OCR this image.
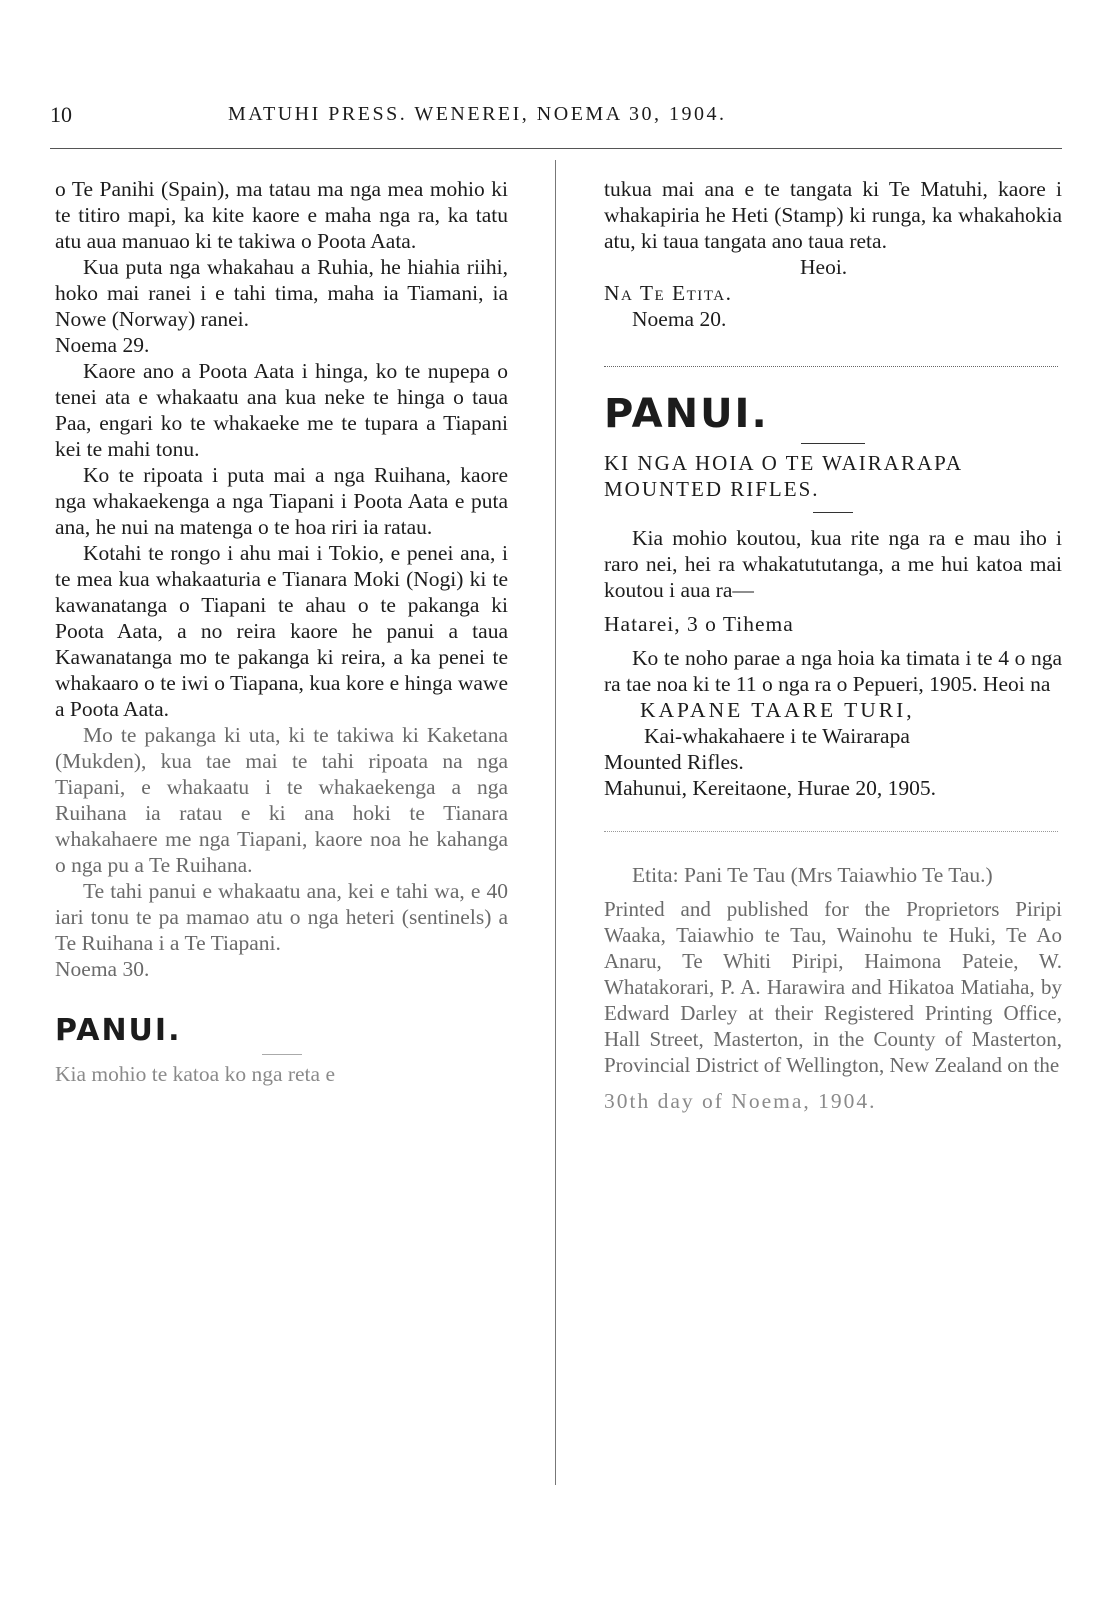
10	MATUHI PRESS. WENEREI, NOEMA 30, 1904.

o Te Panihi (Spain), ma tatau ma nga mea mohio ki te titiro mapi, ka kite kaore e maha nga ra, ka tatu atu aua manuao ki te takiwa o Poota Aata.

Kua puta nga whakahau a Ruhia, he hiahia riihi, hoko mai ranei i e tahi tima, maha ia Tiamani, ia Nowe (Norway) ranei.

Noema 29.

Kaore ano a Poota Aata i hinga, ko te nupepa o tenei ata e whakaatu ana kua neke te hinga o taua Paa, engari ko te whakaeke me te tupara a Tiapani kei te mahi tonu.

Ko te ripoata i puta mai a nga Ruihana, kaore nga whakaekenga a nga Tiapani i Poota Aata e puta ana, he nui na matenga o te hoa riri ia ratau.

Kotahi te rongo i ahu mai i Tokio, e penei ana, i te mea kua whakaaturia e Tianara Moki (Nogi) ki te kawanatanga o Tiapani te ahau o te pakanga ki Poota Aata, a no reira kaore he panui a taua Kawanatanga mo te pakanga ki reira, a ka penei te whakaaro o te iwi o Tiapana, kua kore e hinga wawe a Poota Aata.

Mo te pakanga ki uta, ki te takiwa ki Kaketana (Mukden), kua tae mai te tahi ripoata na nga Tiapani, e whakaatu i te whakaekenga a nga Ruihana ia ratau e ki ana hoki te Tianara whakahaere me nga Tiapani, kaore noa he kahanga o nga pu a Te Ruihana.

Te tahi panui e whakaatu ana, kei e tahi wa, e 40 iari tonu te pa mamao atu o nga heteri (sentinels) a Te Ruihana i a Te Tiapani.

Noema 30.

PANUI.

Kia mohio te katoa ko nga reta e

tukua mai ana e te tangata ki Te Matuhi, kaore i whakapiria he Heti (Stamp) ki runga, ka whakahokia atu, ki taua tangata ano taua reta.

Heoi.

Na Te Etita.

Noema 20.

PANUI.

KI NGA HOIA O TE WAIRARAPA

MOUNTED RIFLES.

Kia mohio koutou, kua rite nga ra e mau iho i raro nei, hei ra whakatututanga, a me hui katoa mai koutou i aua ra—

Hatarei, 3 o Tihema

Ko te noho parae a nga hoia ka timata i te 4 o nga ra tae noa ki te 11 o nga ra o Pepueri, 1905. Heoi na

KAPANE TAARE TURI,

Kai-whakahaere i te Wairarapa

Mounted Rifles.

Mahunui, Kereitaone, Hurae 20, 1905.

Etita: Pani Te Tau (Mrs Taiawhio Te Tau.)

Printed and published for the Proprietors Piripi Waaka, Taiawhio te Tau, Wainohu te Huki, Te Ao Anaru, Te Whiti Piripi, Haimona Pateie, W. Whatakorari, P. A. Harawira and Hikatoa Matiaha, by Edward Darley at their Registered Printing Office, Hall Street, Masterton, in the County of Masterton, Provincial District of Wellington, New Zealand on the

30th day of Noema, 1904.
